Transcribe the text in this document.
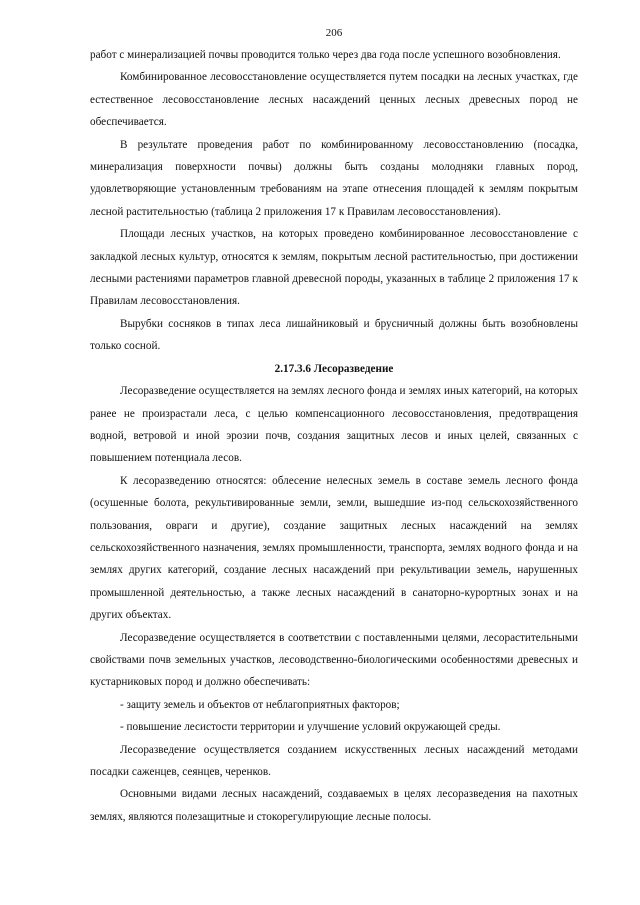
206

работ с минерализацией почвы проводится только через два года после успешного возобновления.

Комбинированное лесовосстановление осуществляется путем посадки на лесных участках, где естественное лесовосстановление лесных насаждений ценных лесных древесных пород не обеспечивается.

В результате проведения работ по комбинированному лесовосстановлению (посадка, минерализация поверхности почвы) должны быть созданы молодняки главных пород, удовлетворяющие установленным требованиям на этапе отнесения площадей к землям покрытым лесной растительностью (таблица 2 приложения 17 к Правилам лесовосстановления).

Площади лесных участков, на которых проведено комбинированное лесовосстановление с закладкой лесных культур, относятся к землям, покрытым лесной растительностью, при достижении лесными растениями параметров главной древесной породы, указанных в таблице 2 приложения 17 к Правилам лесовосстановления.

Вырубки сосняков в типах леса лишайниковый и брусничный должны быть возобновлены только сосной.

2.17.3.6 Лесоразведение

Лесоразведение осуществляется на землях лесного фонда и землях иных категорий, на которых ранее не произрастали леса, с целью компенсационного лесовосстановления, предотвращения водной, ветровой и иной эрозии почв, создания защитных лесов и иных целей, связанных с повышением потенциала лесов.

К лесоразведению относятся: облесение нелесных земель в составе земель лесного фонда (осушенные болота, рекультивированные земли, земли, вышедшие из-под сельскохозяйственного пользования, овраги и другие), создание защитных лесных насаждений на землях сельскохозяйственного назначения, землях промышленности, транспорта, землях водного фонда и на землях других категорий, создание лесных насаждений при рекультивации земель, нарушенных промышленной деятельностью, а также лесных насаждений в санаторно-курортных зонах и на других объектах.

Лесоразведение осуществляется в соответствии с поставленными целями, лесорастительными свойствами почв земельных участков, лесоводственно-биологическими особенностями древесных и кустарниковых пород и должно обеспечивать:

- защиту земель и объектов от неблагоприятных факторов;

- повышение лесистости территории и улучшение условий окружающей среды.

Лесоразведение осуществляется созданием искусственных лесных насаждений методами посадки саженцев, сеянцев, черенков.

Основными видами лесных насаждений, создаваемых в целях лесоразведения на пахотных землях, являются полезащитные и стокорегулирующие лесные полосы.
